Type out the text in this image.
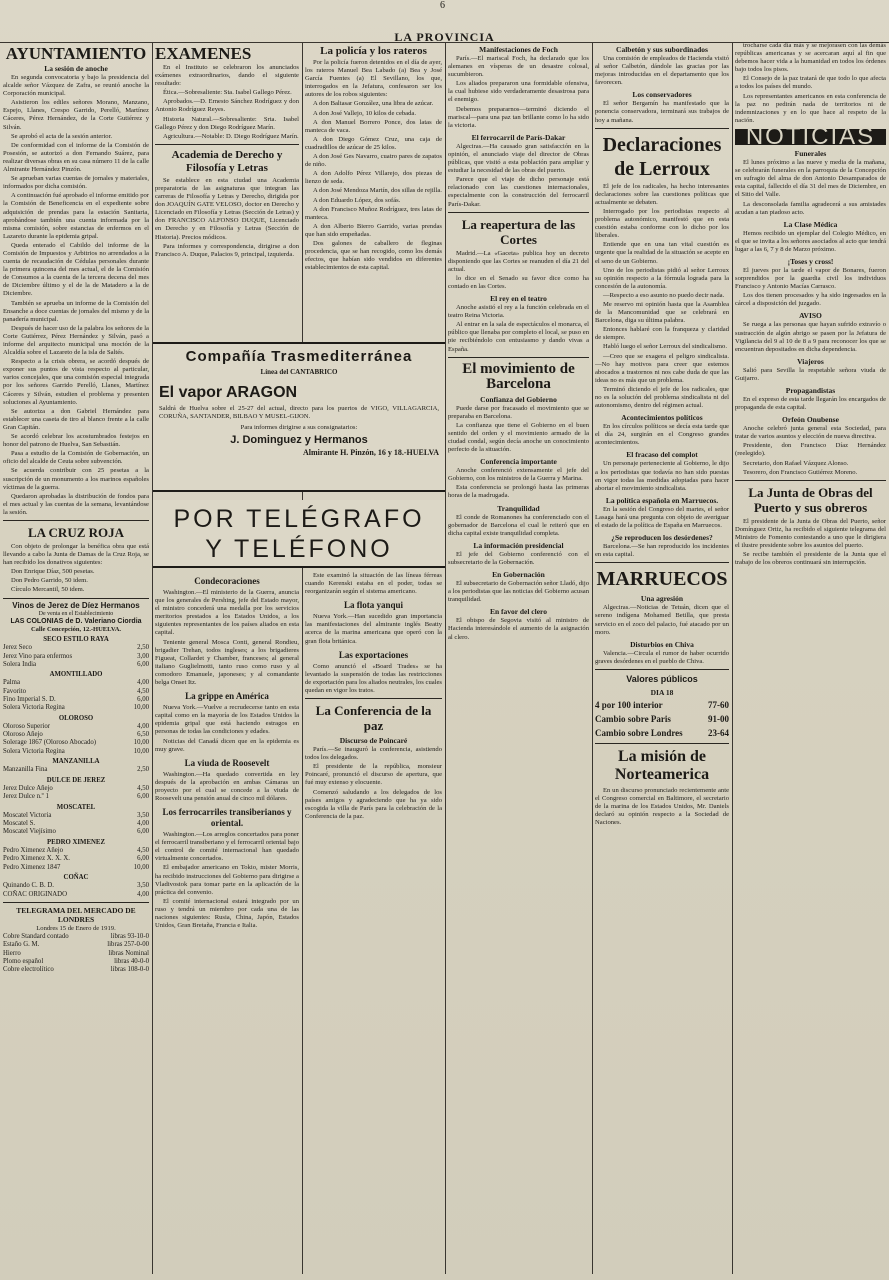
6
LA PROVINCIA
AYUNTAMIENTO
La sesión de anoche

En segunda convocatoria y bajo la presidencia del alcalde señor Vázquez de Zafra, se reunió anoche la Corporación municipal.

Asistieron los ediles señores Morano, Manzano, Espejo, Llanes, Crespo Garrido, Perelló, Martínez Cáceres, Pérez Hernández, de la Corte Gutiérrez y Silván.

Se aprobó el acta de la sesión anterior.

De conformidad con el informe de la Comisión de Posesión, se autorizó a don Fernando Suárez, para realizar diversas obras en su casa número 11 de la calle Almirante Hernández Pinzón.

Se aprueban varias cuentas de jornales y materiales, informados por dicha comisión.

A continuación fué aprobado el informe emitido por la Comisión de Beneficencia en el expediente sobre adquisición de prendas para la estación Sanitaria, aprobándose también una cuenta informada por la misma comisión, sobre estancias de enfermos en el Lazareto durante la epidemia gripal.

Queda enterado el Cabildo del informe de la Comisión de Impuestos y Arbitrios no arrendados a la cuenta de recaudación de Cédulas personales durante la primera quincena del mes actual, el de la Comisión de Consumos a la cuenta de la tercera decena del mes de Diciembre último y el de la de Matadero a la de Diciembre.

También se aprueba un informe de la Comisión del Ensanche a doce cuentas de jornales del mismo y de la panadería municipal.

Después de hacer uso de la palabra los señores de la Corte Gutiérrez, Pérez Hernández y Silván, pasó a informe del arquitecto municipal una moción de la Alcaldía sobre el Lazareto de la isla de Saltés.

Respecto a la crisis obrera, se acordó después de exponer sus puntos de vista respecto al particular, varios concejales, que una comisión especial integrada por los señores Garrido Perelló, Llanes, Martínez Cáceres y Silván, estudien el problema y presenten soluciones al Ayuntamiento.

Se autoriza a don Gabriel Hernández para establecer una caseta de tiro al blanco frente a la calle Gran Capitán.

Se acordó celebrar los acostumbrados festejos en honor del patrono de Huelva, San Sebastián.

Pasa a estudio de la Comisión de Gobernación, un oficio del alcalde de Ceuta sobre subvención.

Se acuerda contribuir con 25 pesetas a la suscripción de un monumento a los marinos españoles víctimas de la guerra.

Quedaron aprobadas la distribución de fondos para el mes actual y las cuentas de la semana, levantándose la sesión.

LA CRUZ ROJA

Con objeto de prolongar la benéfica obra que está llevando a cabo la Junta de Damas de la Cruz Roja, se han recibido los donativos siguientes:

Don Enrique Díaz, 500 pesetas.

Don Pedro Garrido, 50 idem.

Círculo Mercantil, 50 idem.

Vinos de Jerez de Díez Hermanos
De venta en el Establecimiento
LAS COLONIAS de D. Valeriano Ciordia
Calle Concepción, 12.-HUELVA.
SECO ESTILO RAYA	
Jerez Seco	2,50
Jerez Vino para enfermos	3,00
Solera India	6,00
AMONTILLADO	
Palma	4,00
Favorito	4,50
Fino Imperial S. D.	6,00
Solera Victoria Regina	10,00
OLOROSO	
Oloroso Superior	4,00
Oloroso Añejo	6,50
Solerage 1867 (Oloroso Abocado)	10,00
Solera Victoria Regina	10,00
MANZANILLA	
Manzanilla Fina	2,50
DULCE DE JEREZ	
Jerez Dulce Añejo	4,50
Jerez Dulce n.º 1	6,00
MOSCATEL	
Moscatel Victoria	3,50
Moscatel S.	4,00
Moscatel Viejísimo	6,00
PEDRO XIMENEZ	
Pedro Ximenez Añejo	4,50
Pedro Ximenez X. X. X.	6,00
Pedro Ximenez 1847	10,00
COÑAC	
Quinando C. B. D.	3,50
COÑAC ORIGINADO	4,00
TELEGRAMA DEL MERCADO DE LONDRES
Londres 15 de Enero de 1919.
Cobre Standard contado	libras 93-10-0
Estaño G. M.	libras 257-0-00
Hierro	libras Nominal
Plomo español	libras 40-0-0
Cobre electrolítico	libras 108-0-0
EXAMENES

En el Instituto se celebraron los anunciados exámenes extraordinarios, dando el siguiente resultado:

Ética.—Sobresaliente: Sta. Isabel Gallego Pérez.

Aprobados.—D. Ernesto Sánchez Rodríguez y don Antonio Rodríguez Reyes.

Historia Natural.—Sobresaliente: Srta. Isabel Gallego Pérez y don Diego Rodríguez Marín.

Agricultura.—Notable: D. Diego Rodríguez Marín.

Academia de Derecho y Filosofía y Letras

Se establece en esta ciudad una Academia preparatoria de las asignaturas que integran las carreras de Filosofía y Letras y Derecho, dirigida por don JOAQUÍN GATE VELOSO, doctor en Derecho y Licenciado en Filosofía y Letras (Sección de Letras) y don FRANCISCO ALFONSO DUQUE, Licenciado en Derecho y en Filosofía y Letras (Sección de Historia). Precios módicos.

Para informes y correspondencia, dirigirse a don Francisco A. Duque, Palacios 9, principal, izquierda.

La policía y los rateros

Por la policía fueron detenidos en el día de ayer, los rateros Manuel Bea Labado (a) Bea y José García Fuentes (a) El Sevillano, los que, interrogados en la Jefatura, confesaron ser los autores de los robos siguientes:

A don Baltasar González, una libra de azúcar.

A don José Vallejo, 10 kilos de cebada.

A don Manuel Borrero Ponce, dos latas de manteca de vaca.

A don Diego Gómez Cruz, una caja de cuadradillos de azúcar de 25 kilos.

A don José Ges Navarro, cuatro pares de zapatos de niño.

A don Adolfo Pérez Villarejo, dos piezas de lienzo de seda.

A don José Mendoza Martín, dos sillas de rejilla.

A don Eduardo López, dos sofás.

A don Francisco Muñoz Rodríguez, tres latas de manteca.

A don Alberto Bierro Garrido, varias prendas que han sido empeñadas.

Dos galones de caballero de fleginas procedencia, que se han recogido, como los demás efectos, que habían sido vendidos en diferentes establecimientos de esta capital.

Compañía Trasmediterránea
Línea del CANTABRICO
El vapor ARAGON
Saldrá de Huelva sobre el 25-27 del actual, directo para los puertos de VIGO, VILLAGARCIA, CORUÑA, SANTANDER, BILBAO Y MUSEL-GIJON.
Para informes dirigirse a sus consignatarios:
J. Dominguez y Hermanos
Almirante H. Pinzón, 16 y 18.-HUELVA
POR TELÉGRAFO Y TELÉFONO
Condecoraciones

Washington.—El ministerio de la Guerra, anuncia que los generales de Pershing, jefe del Estado mayor, el ministro concederá una medalla por los servicios meritorios prestados a los Estados Unidos, a los siguientes representantes de los países aliados en esta capital.

Teniente general Mosca Conti, general Rondieu, brigadier Trehan, todos ingleses; a los brigadieres Figueat, Collardet y Chamber, franceses; al general italiano Guglielmotti, tanto ruso como ruso y al comodoro Emanuele, japoneses; y al comandante belga Onset Itz.

La grippe en América

Nueva York.—Vuelve a recrudecerse tanto en esta capital como en la mayoría de los Estados Unidos la epidemia gripal que está haciendo estragos en personas de todas las condiciones y edades.

Noticias del Canadá dicen que en la epidemia es muy grave.

La viuda de Roosevelt

Washington.—Ha quedado convertida en ley después de la aprobación en ambas Cámaras un proyecto por el cual se concede a la viuda de Roosevelt una pensión anual de cinco mil dólares.

Los ferrocarriles transiberianos y oriental.

Washington.—Los arreglos concertados para poner el ferrocarril transiberiano y el ferrocarril oriental bajo el control de comité internacional han quedado virtualmente concertados.

El embajador americano en Tokio, mister Morris, ha recibido instrucciones del Gobierno para dirigirse a Vladivostok para tomar parte en la aplicación de la práctica del convenio.

El comité internacional estará integrado por un ruso y tendrá un miembro por cada una de las naciones siguientes: Rusia, China, Japón, Estados Unidos, Gran Bretaña, Francia e Italia.

Este examinó la situación de las líneas férreas cuando Kerenski estaba en el poder, todas se reorganizarán según el sistema americano.

La flota yanqui

Nueva York.—Han sucedido gran importancia las manifestaciones del almirante inglés Beatty acerca de la marina americana que operó con la gran flota británica.

Las exportaciones

Como anunció el «Board Trades» se ha levantado la suspensión de todas las restricciones de exportación para los aliados neutrales, los cuales quedan en vigor los tratos.

La Conferencia de la paz
Discurso de Poincaré

París.—Se inauguró la conferencia, asistiendo todos los delegados.

El presidente de la república, monsieur Poincaré, pronunció el discurso de apertura, que fué muy extenso y elocuente.

Comenzó saludando a los delegados de los países amigos y agradeciendo que ha ya sido escogida la villa de París para la celebración de la Conferencia de la paz.

Manifestaciones de Foch

París.—El mariscal Foch, ha declarado que los alemanes en vísperas de un desastre colosal, sucumbieron.

Los aliados prepararon una formidable ofensiva, la cual hubiese sido verdaderamente desastrosa para el enemigo.

Debemos prepararnos—terminó diciendo el mariscal—para una paz tan brillante como lo ha sido la victoria.

El ferrocarril de París-Dakar

Algeciras.—Ha causado gran satisfacción en la opinión, el anunciado viaje del director de Obras públicas, que visitó a esta población para ampliar y estudiar la necesidad de las obras del puerto.

Parece que el viaje de dicho personaje está relacionado con las cuestiones internacionales, especialmente con la construcción del ferrocarril París-Dakar.

La reapertura de las Cortes

Madrid.—La «Gaceta» publica hoy un decreto disponiendo que las Cortes se reanuden el día 21 del actual.

lo dice en el Senado su favor dice como ha contado en las Cortes.

El rey en el teatro

Anoche asistió el rey a la función celebrada en el teatro Reina Victoria.

Al entrar en la sala de espectáculos el monarca, el público que llenaba por completo el local, se puso en pie recibiéndolo con entusiasmo y dando vivas a España.

El movimiento de Barcelona
Confianza del Gobierno

Puede darse por fracasado el movimiento que se preparaba en Barcelona.

La confianza que tiene el Gobierno en el buen sentido del orden y el movimiento armado de la ciudad condal, según decía anoche un conocimiento perfecto de la situación.

Conferencia importante

Anoche conferenció extensamente el jefe del Gobierno, con los ministros de la Guerra y Marina.

Esta conferencia se prolongó hasta las primeras horas de la madrugada.

Tranquilidad

El conde de Romanones ha conferenciado con el gobernador de Barcelona el cual le reiteró que en dicha capital existe tranquilidad completa.

La información presidencial

El jefe del Gobierno conferenció con el subsecretario de la Gobernación.

En Gobernación

El subsecretario de Gobernación señor Lladó, dijo a los periodistas que las noticias del Gobierno acusan tranquilidad.

En favor del clero

El obispo de Segovia visitó al ministro de Hacienda interesándole el aumento de la asignación al clero.

Calbetón y sus subordinados

Una comisión de empleados de Hacienda visitó al señor Calbetón, dándole las gracias por las mejoras introducidas en el departamento que los favorecen.

Los conservadores

El señor Bergamín ha manifestado que la ponencia conservadora, terminará sus trabajos de hoy a mañana.

Declaraciones de Lerroux

El jefe de los radicales, ha hecho interesantes declaraciones sobre las cuestiones políticas que actualmente se debaten.

Interrogado por los periodistas respecto al problema autonómico, manifestó que en esta cuestión estaba conforme con lo dicho por los liberales.

Entiende que en una tan vital cuestión es urgente que la realidad de la situación se acepte en el seno de un Gobierno.

Uno de los periodistas pidió al señor Lerroux su opinión respecto a la fórmula lograda para la concesión de la autonomía.

—Respecto a eso asunto no puedo decir nada.

Me reservo mi opinión hasta que la Asamblea de la Mancomunidad que se celebrará en Barcelona, diga su última palabra.

Entonces hablaré con la franqueza y claridad de siempre.

Habló luego el señor Lerroux del sindicalismo.

—Creo que se exagera el peligro sindicalista.—No hay motivos para creer que estemos abocados a trastornos ni nos cabe duda de que las ideas no es más que un problema.

Terminó diciendo el jefe de los radicales, que no es la solución del problema sindicalista ni del autonomismo, dentro del régimen actual.

Acontecimientos políticos

En los círculos políticos se decía esta tarde que el día 24, surgirán en el Congreso grandes acontecimientos.

El fracaso del complot

Un personaje perteneciente al Gobierno, le dijo a los periodistas que todavía no han sido puestas en vigor todas las medidas adoptadas para hacer abortar el movimiento sindicalista.

La política española en Marruecos.

En la sesión del Congreso del martes, el señor Lasaga hará una pregunta con objeto de averiguar el estado de la política de España en Marruecos.

¿Se reproducen los desórdenes?

Barcelona.—Se han reproducido los incidentes en esta capital.

MARRUECOS
Una agresión

Algeciras.—Noticias de Tetuán, dicen que el sereno indígena Mohamed Betilla, que presta servicio en el zoco del palacio, fué atacado por un moro.

Disturbios en Chiva

Valencia.—Circula el rumor de haber ocurrido graves desórdenes en el pueblo de Chiva.

Valores públicos
DIA 18
4 por 100 interior	77-60
Cambio sobre Paris	91-00
Cambio sobre Londres	23-64
La misión de Norteamerica

En un discurso pronunciado recientemente ante el Congreso comercial en Baltimore, el secretario de la marina de los Estados Unidos, Mr. Daniels declaró su opinión respecto a la Sociedad de Naciones.

trocharse cada día más y se mejorasen con las demás repúblicas americanas y se acercaran aquí al fin que debemos hacer vida a la humanidad en todos los órdenes bajo todos los pisos.

El Consejo de la paz tratará de que todo lo que afecta a todos los países del mundo.

Los representantes americanos en esta conferencia de la paz no pedirán nada de territorios ni de indemnizaciones y en lo que hace al respeto de la nación.

NOTICIAS
Funerales

El lunes próximo a las nueve y media de la mañana, se celebrarán funerales en la parroquia de la Concepción en sufragio del alma de don Antonio Desamparados de esta capital, fallecido el día 31 del mes de Diciembre, en el Sitio del Valle.

La desconsolada familia agradecerá a sus amistades acudan a tan piadoso acto.

La Clase Médica

Hemos recibido un ejemplar del Colegio Médico, en el que se invita a los señores asociados al acto que tendrá lugar a las 6, 7 y 8 de Marzo próximo.

¡Toses y cross!

El jueves por la tarde el vapor de Bonares, fueron sorprendidos por la guardia civil los individuos Francisco y Antonio Macías Carrasco.

Los dos tienen procesados y ha sido ingresados en la cárcel a disposición del juzgado.

AVISO

Se ruega a las personas que hayan sufrido extravío o sustracción de algún abrigo se pasen por la Jefatura de Vigilancia del 9 al 10 de 8 a 9 para reconocer los que se encuentran depositados en dicha dependencia.

Viajeros

Salió para Sevilla la respetable señora viuda de Guijarro.

Propagandistas

En el expreso de esta tarde llegarán los encargados de propaganda de esta capital.

Orfeón Onubense

Anoche celebró junta general esta Sociedad, para tratar de varios asuntos y elección de nueva directiva.

Presidente, don Francisco Díaz Hernández (reelegido).

Secretario, don Rafael Vázquez Alonso.

Tesorero, don Francisco Gutiérrez Moreno.

La Junta de Obras del Puerto y sus obreros

El presidente de la Junta de Obras del Puerto, señor Domínguez Ortiz, ha recibido el siguiente telegrama del Ministro de Fomento contestando a uno que le dirigiera el ilustre presidente sobre los asuntos del puerto.

Se recibe también el presidente de la Junta que el trabajo de los obreros continuará sin interrupción.
